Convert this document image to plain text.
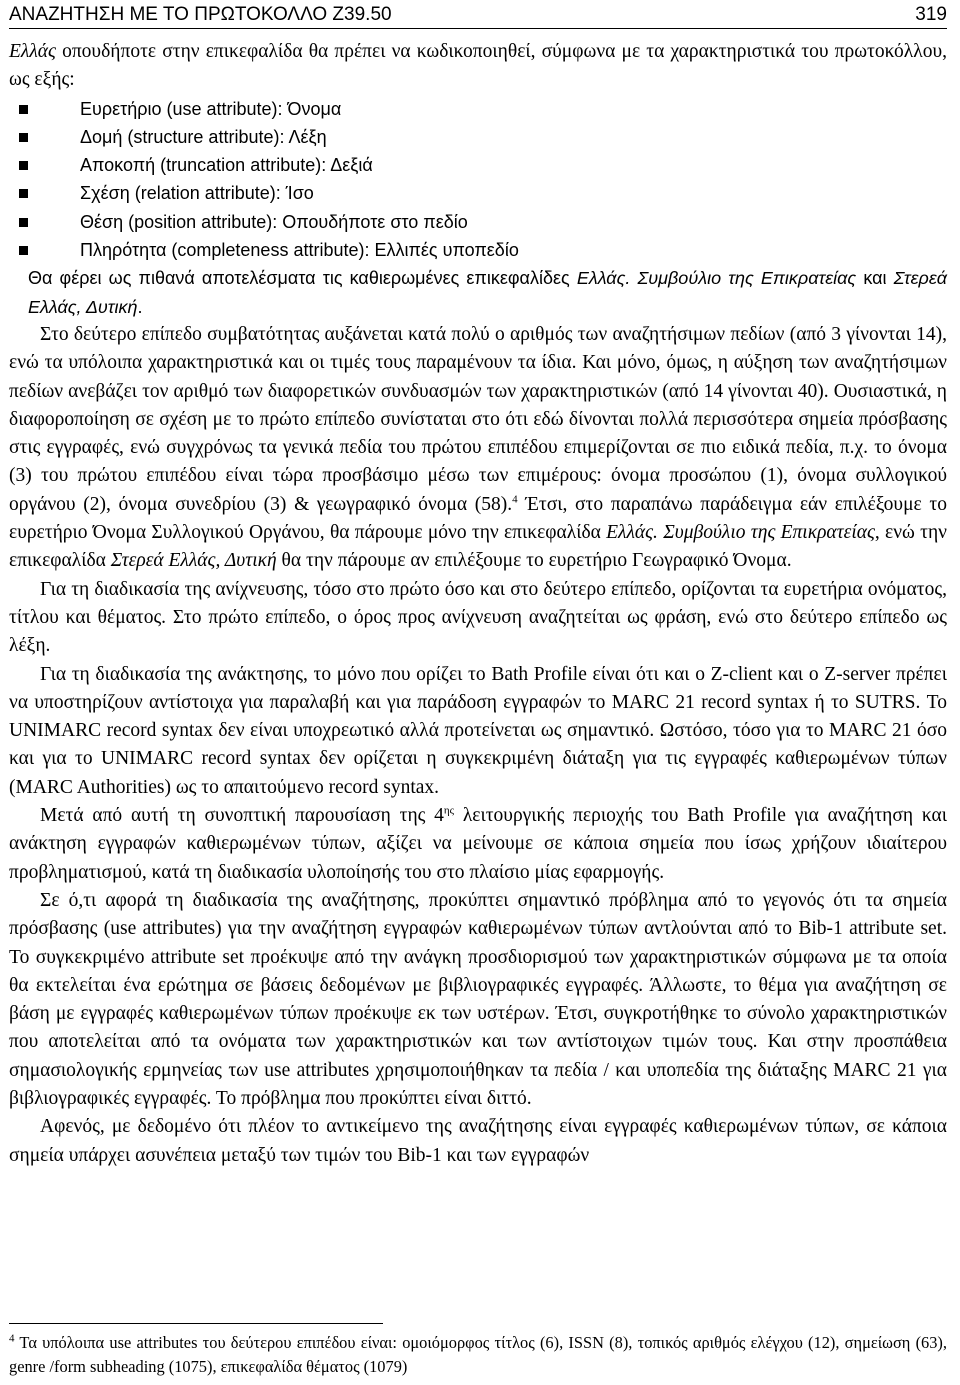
ΑΝΑΖΗΤΗΣΗ ΜΕ ΤΟ ΠΡΩΤΟΚΟΛΛΟ Ζ39.50	319

Ελλάς οπουδήποτε στην επικεφαλίδα θα πρέπει να κωδικοποιηθεί, σύμφωνα με τα χαρακτηριστικά του πρωτοκόλλου, ως εξής:

Ευρετήριο (use attribute): Όνομα
Δομή (structure attribute): Λέξη
Αποκοπή (truncation attribute): Δεξιά
Σχέση (relation attribute): Ίσο
Θέση (position attribute): Οπουδήποτε στο πεδίο
Πληρότητα (completeness attribute): Ελλιπές υποπεδίο

Θα φέρει ως πιθανά αποτελέσματα τις καθιερωμένες επικεφαλίδες Ελλάς. Συμβούλιο της Επικρατείας και Στερεά Ελλάς, Δυτική.

Στο δεύτερο επίπεδο συμβατότητας αυξάνεται κατά πολύ ο αριθμός των αναζητήσιμων πεδίων (από 3 γίνονται 14), ενώ τα υπόλοιπα χαρακτηριστικά και οι τιμές τους παραμένουν τα ίδια. Και μόνο, όμως, η αύξηση των αναζητήσιμων πεδίων ανεβάζει τον αριθμό των διαφορετικών συνδυασμών των χαρακτηριστικών (από 14 γίνονται 40). Ουσιαστικά, η διαφοροποίηση σε σχέση με το πρώτο επίπεδο συνίσταται στο ότι εδώ δίνονται πολλά περισσότερα σημεία πρόσβασης στις εγγραφές, ενώ συγχρόνως τα γενικά πεδία του πρώτου επιπέδου επιμερίζονται σε πιο ειδικά πεδία, π.χ. το όνομα (3) του πρώτου επιπέδου είναι τώρα προσβάσιμο μέσω των επιμέρους: όνομα προσώπου (1), όνομα συλλογικού οργάνου (2), όνομα συνεδρίου (3) & γεωγραφικό όνομα (58).$^4$ Έτσι, στο παραπάνω παράδειγμα εάν επιλέξουμε το ευρετήριο Όνομα Συλλογικού Οργάνου, θα πάρουμε μόνο την επικεφαλίδα Ελλάς. Συμβούλιο της Επικρατείας, ενώ την επικεφαλίδα Στερεά Ελλάς, Δυτική θα την πάρουμε αν επιλέξουμε το ευρετήριο Γεωγραφικό Όνομα.

Για τη διαδικασία της ανίχνευσης, τόσο στο πρώτο όσο και στο δεύτερο επίπεδο, ορίζονται τα ευρετήρια ονόματος, τίτλου και θέματος. Στο πρώτο επίπεδο, ο όρος προς ανίχνευση αναζητείται ως φράση, ενώ στο δεύτερο επίπεδο ως λέξη.

Για τη διαδικασία της ανάκτησης, το μόνο που ορίζει το Bath Profile είναι ότι και ο Z-client και ο Z-server πρέπει να υποστηρίζουν αντίστοιχα για παραλαβή και για παράδοση εγγραφών το MARC 21 record syntax ή το SUTRS. Το UNIMARC record syntax δεν είναι υποχρεωτικό αλλά προτείνεται ως σημαντικό. Ωστόσο, τόσο για το MARC 21 όσο και για το UNIMARC record syntax δεν ορίζεται η συγκεκριμένη διάταξη για τις εγγραφές καθιερωμένων τύπων (MARC Authorities) ως το απαιτούμενο record syntax.

Μετά από αυτή τη συνοπτική παρουσίαση της $4^{\eta\varsigma}$ λειτουργικής περιοχής του Bath Profile για αναζήτηση και ανάκτηση εγγραφών καθιερωμένων τύπων, αξίζει να μείνουμε σε κάποια σημεία που ίσως χρήζουν ιδιαίτερου προβληματισμού, κατά τη διαδικασία υλοποίησής του στο πλαίσιο μίας εφαρμογής.

Σε ό,τι αφορά τη διαδικασία της αναζήτησης, προκύπτει σημαντικό πρόβλημα από το γεγονός ότι τα σημεία πρόσβασης (use attributes) για την αναζήτηση εγγραφών καθιερωμένων τύπων αντλούνται από το Bib-1 attribute set. Το συγκεκριμένο attribute set προέκυψε από την ανάγκη προσδιορισμού των χαρακτηριστικών σύμφωνα με τα οποία θα εκτελείται ένα ερώτημα σε βάσεις δεδομένων με βιβλιογραφικές εγγραφές. Άλλωστε, το θέμα για αναζήτηση σε βάση με εγγραφές καθιερωμένων τύπων προέκυψε εκ των υστέρων. Έτσι, συγκροτήθηκε το σύνολο χαρακτηριστικών που αποτελείται από τα ονόματα των χαρακτηριστικών και των αντίστοιχων τιμών τους. Και στην προσπάθεια σημασιολογικής ερμηνείας των use attributes χρησιμοποιήθηκαν τα πεδία / και υποπεδία της διάταξης MARC 21 για βιβλιογραφικές εγγραφές. Το πρόβλημα που προκύπτει είναι διττό.

Αφενός, με δεδομένο ότι πλέον το αντικείμενο της αναζήτησης είναι εγγραφές καθιερωμένων τύπων, σε κάποια σημεία υπάρχει ασυνέπεια μεταξύ των τιμών του Bib-1 και των εγγραφών

$^4$ Τα υπόλοιπα use attributes του δεύτερου επιπέδου είναι: ομοιόμορφος τίτλος (6), ISSN (8), τοπικός αριθμός ελέγχου (12), σημείωση (63), genre /form subheading (1075), επικεφαλίδα θέματος (1079)
